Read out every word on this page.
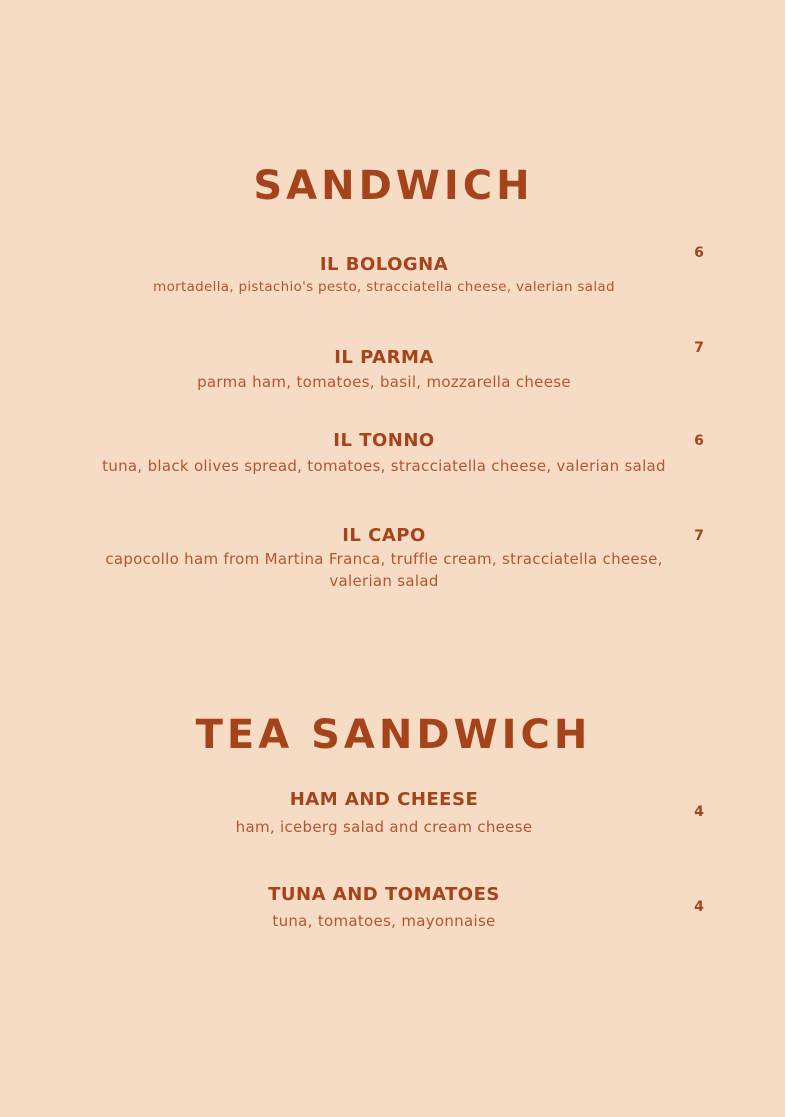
SANDWICH
IL BOLOGNA
mortadella, pistachio's pesto, stracciatella cheese, valerian salad
6
IL PARMA
parma ham, tomatoes, basil, mozzarella cheese
7
IL TONNO
tuna, black olives spread, tomatoes, stracciatella cheese, valerian salad
6
IL CAPO
capocollo ham from Martina Franca, truffle cream, stracciatella cheese,
valerian salad
7
TEA SANDWICH
HAM AND CHEESE
ham, iceberg salad and cream cheese
4
TUNA AND TOMATOES
tuna, tomatoes, mayonnaise
4
